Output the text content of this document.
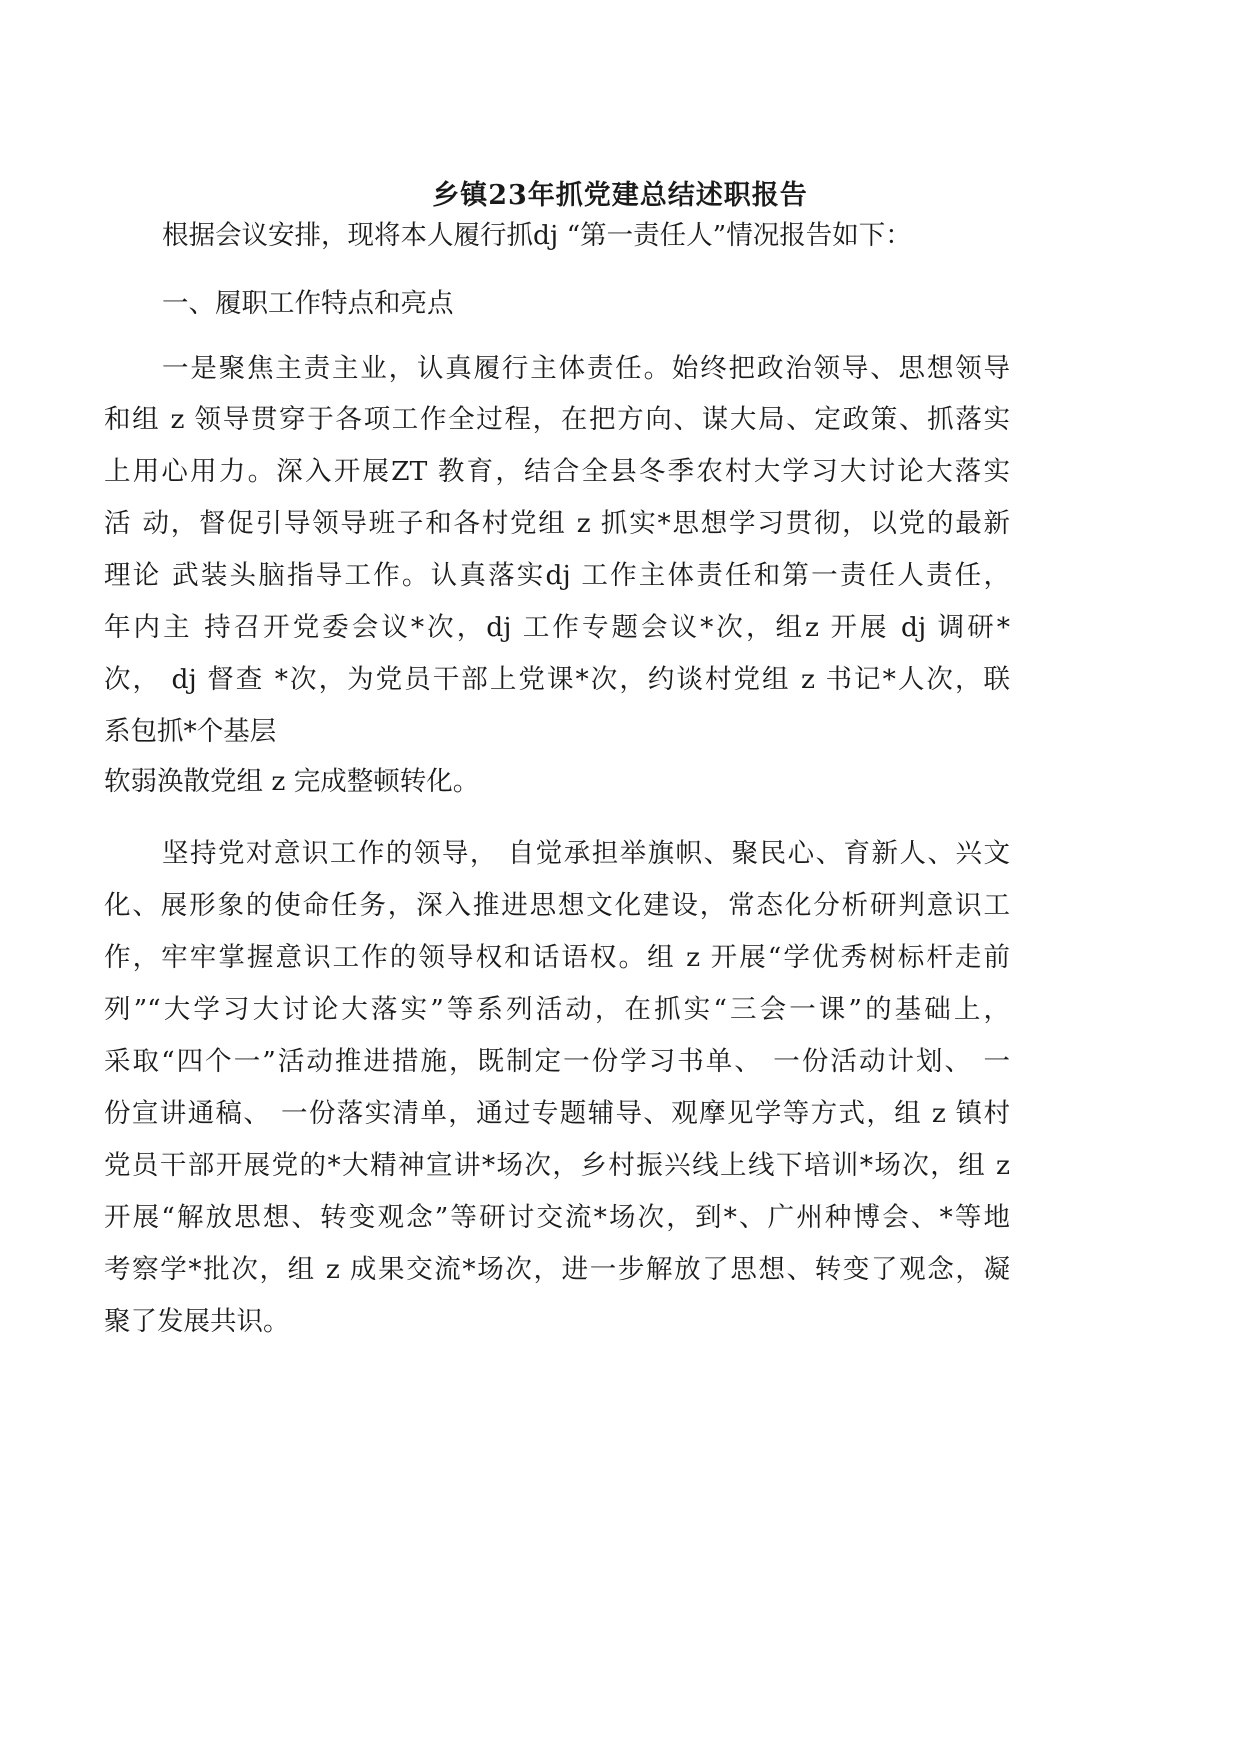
乡镇23年抓党建总结述职报告
根据会议安排，现将本人履行抓dj “第一责任人”情况报告如下：
一、履职工作特点和亮点
一是聚焦主责主业，认真履行主体责任。始终把政治领导、思想领导
和组 z 领导贯穿于各项工作全过程，在把方向、谋大局、定政策、抓落实
上用心用力。深入开展ZT 教育，结合全县冬季农村大学习大讨论大落实
活 动，督促引导领导班子和各村党组 z 抓实*思想学习贯彻，以党的最新
理论 武装头脑指导工作。认真落实dj 工作主体责任和第一责任人责任，
年内主 持召开党委会议*次，dj 工作专题会议*次，组z 开展 dj 调研*
次， dj 督查 *次，为党员干部上党课*次，约谈村党组 z 书记*人次，联
系包抓*个基层
软弱涣散党组 z 完成整顿转化。
坚持党对意识工作的领导， 自觉承担举旗帜、聚民心、育新人、兴文
化、展形象的使命任务，深入推进思想文化建设，常态化分析研判意识工
作，牢牢掌握意识工作的领导权和话语权。组 z 开展“学优秀树标杆走前
列”“大学习大讨论大落实”等系列活动，在抓实“三会一课”的基础上，
采取“四个一”活动推进措施，既制定一份学习书单、 一份活动计划、 一
份宣讲通稿、 一份落实清单，通过专题辅导、观摩见学等方式，组 z 镇村
党员干部开展党的*大精神宣讲*场次，乡村振兴线上线下培训*场次，组 z
开展“解放思想、转变观念”等研讨交流*场次，到*、广州种博会、*等地
考察学*批次，组 z 成果交流*场次，进一步解放了思想、转变了观念，凝
聚了发展共识。
